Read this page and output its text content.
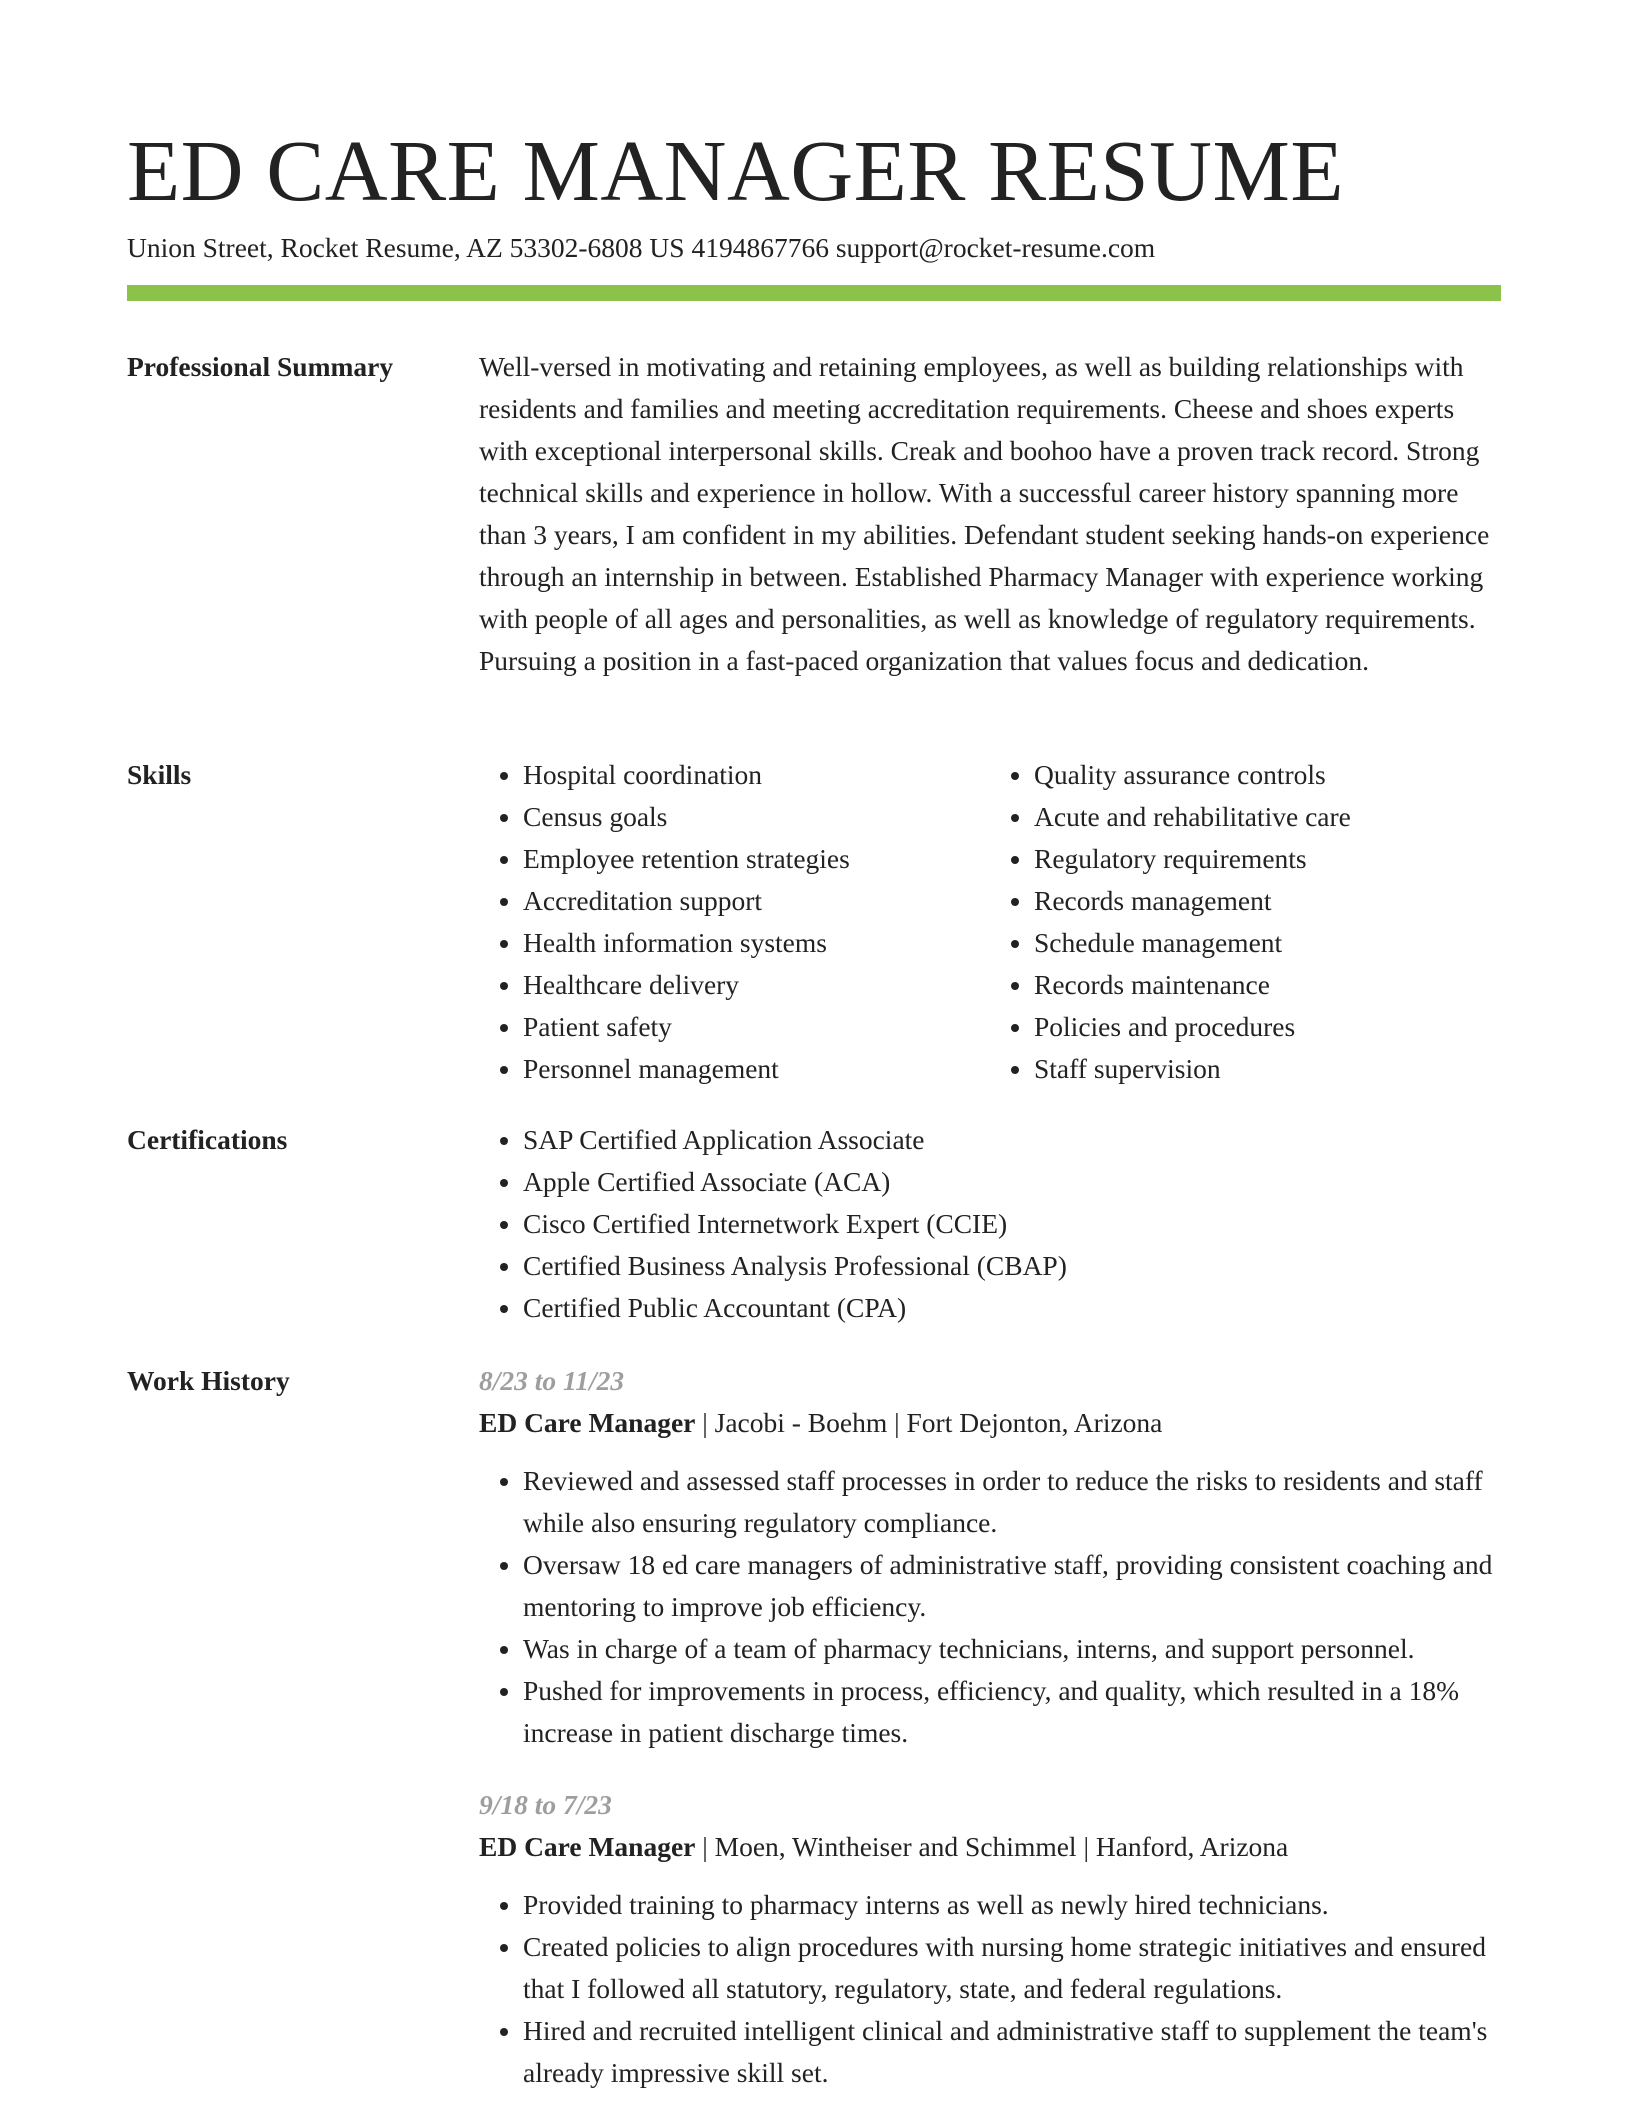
ED CARE MANAGER RESUME
Union Street, Rocket Resume, AZ 53302-6808 US 4194867766 support@rocket-resume.com
Professional Summary	Well-versed in motivating and retaining employees, as well as building relationships with residents and families and meeting accreditation requirements. Cheese and shoes experts with exceptional interpersonal skills. Creak and boohoo have a proven track record. Strong technical skills and experience in hollow. With a successful career history spanning more than 3 years, I am confident in my abilities. Defendant student seeking hands-on experience through an internship in between. Established Pharmacy Manager with experience working with people of all ages and personalities, as well as knowledge of regulatory requirements. Pursuing a position in a fast-paced organization that values focus and dedication.

Skills	• Hospital coordination
• Census goals
• Employee retention strategies
• Accreditation support
• Health information systems
• Healthcare delivery
• Patient safety
• Personnel management
• Quality assurance controls
• Acute and rehabilitative care
• Regulatory requirements
• Records management
• Schedule management
• Records maintenance
• Policies and procedures
• Staff supervision
Certifications	• SAP Certified Application Associate
• Apple Certified Associate (ACA)
• Cisco Certified Internetwork Expert (CCIE)
• Certified Business Analysis Professional (CBAP)
• Certified Public Accountant (CPA)
Work History	8/23 to 11/23
ED Care Manager | Jacobi - Boehm | Fort Dejonton, Arizona
• Reviewed and assessed staff processes in order to reduce the risks to residents and staff while also ensuring regulatory compliance.
• Oversaw 18 ed care managers of administrative staff, providing consistent coaching and mentoring to improve job efficiency.
• Was in charge of a team of pharmacy technicians, interns, and support personnel.
• Pushed for improvements in process, efficiency, and quality, which resulted in a 18% increase in patient discharge times.
9/18 to 7/23
ED Care Manager | Moen, Wintheiser and Schimmel | Hanford, Arizona
• Provided training to pharmacy interns as well as newly hired technicians.
• Created policies to align procedures with nursing home strategic initiatives and ensured that I followed all statutory, regulatory, state, and federal regulations.
• Hired and recruited intelligent clinical and administrative staff to supplement the team's already impressive skill set.
